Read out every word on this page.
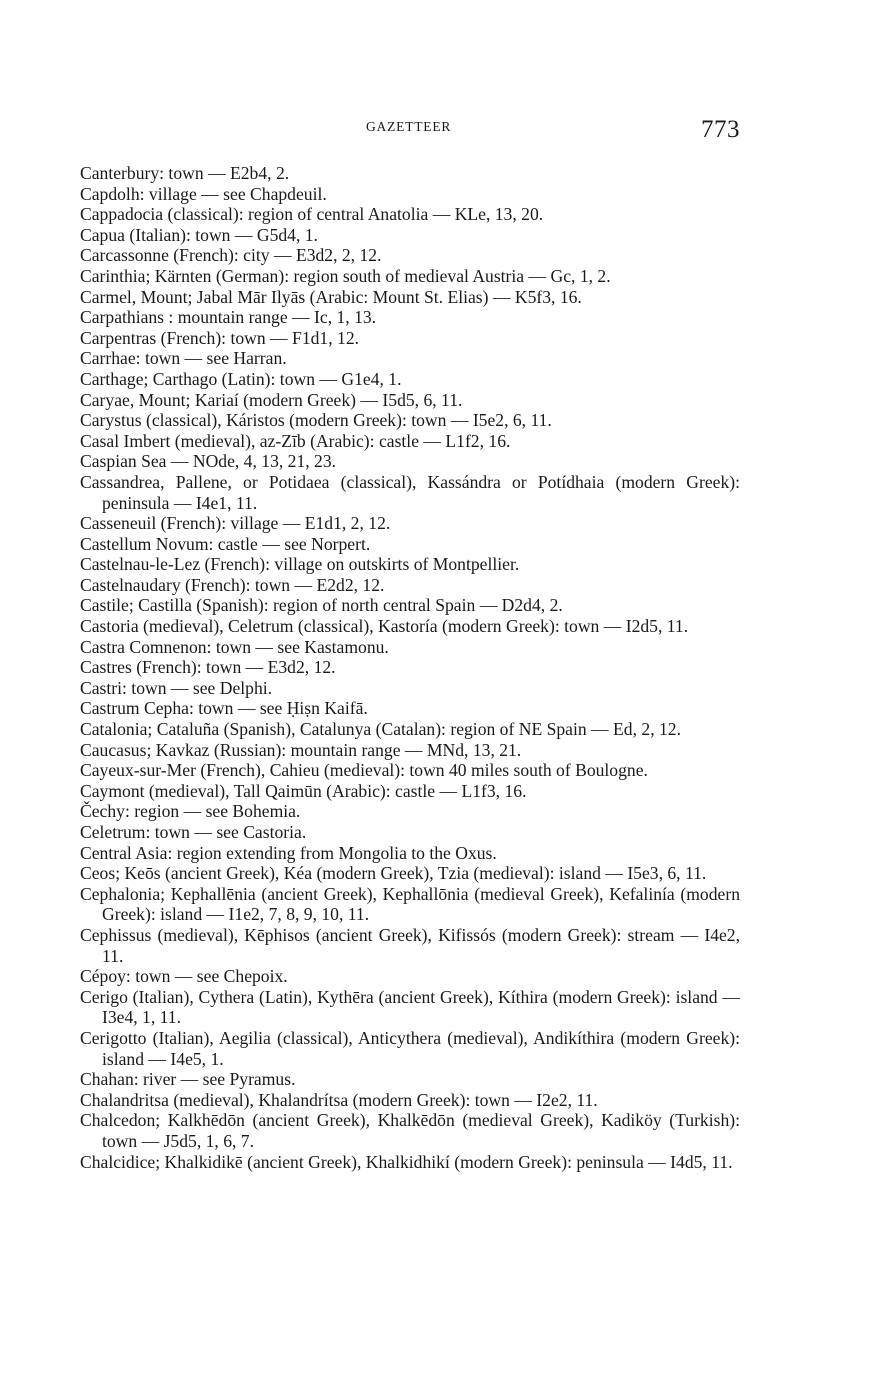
GAZETTEER	773
Canterbury: town — E2b4, 2.
Capdolh: village — see Chapdeuil.
Cappadocia (classical): region of central Anatolia — KLe, 13, 20.
Capua (Italian): town — G5d4, 1.
Carcassonne (French): city — E3d2, 2, 12.
Carinthia; Kärnten (German): region south of medieval Austria — Gc, 1, 2.
Carmel, Mount; Jabal Mār Ilyās (Arabic: Mount St. Elias) — K5f3, 16.
Carpathians : mountain range — Ic, 1, 13.
Carpentras (French): town — F1d1, 12.
Carrhae: town — see Harran.
Carthage; Carthago (Latin): town — G1e4, 1.
Caryae, Mount; Kariaí (modern Greek) — I5d5, 6, 11.
Carystus (classical), Káristos (modern Greek): town — I5e2, 6, 11.
Casal Imbert (medieval), az-Zīb (Arabic): castle — L1f2, 16.
Caspian Sea — NOde, 4, 13, 21, 23.
Cassandrea, Pallene, or Potidaea (classical), Kassándra or Potídhaia (modern Greek): peninsula — I4e1, 11.
Casseneuil (French): village — E1d1, 2, 12.
Castellum Novum: castle — see Norpert.
Castelnau-le-Lez (French): village on outskirts of Montpellier.
Castelnaudary (French): town — E2d2, 12.
Castile; Castilla (Spanish): region of north central Spain — D2d4, 2.
Castoria (medieval), Celetrum (classical), Kastoría (modern Greek): town — I2d5, 11.
Castra Comnenon: town — see Kastamonu.
Castres (French): town — E3d2, 12.
Castri: town — see Delphi.
Castrum Cepha: town — see Ḥiṣn Kaifā.
Catalonia; Cataluña (Spanish), Catalunya (Catalan): region of NE Spain — Ed, 2, 12.
Caucasus; Kavkaz (Russian): mountain range — MNd, 13, 21.
Cayeux-sur-Mer (French), Cahieu (medieval): town 40 miles south of Boulogne.
Caymont (medieval), Tall Qaimūn (Arabic): castle — L1f3, 16.
Čechy: region — see Bohemia.
Celetrum: town — see Castoria.
Central Asia: region extending from Mongolia to the Oxus.
Ceos; Keōs (ancient Greek), Kéa (modern Greek), Tzia (medieval): island — I5e3, 6, 11.
Cephalonia; Kephallēnia (ancient Greek), Kephallōnia (medieval Greek), Kefalinía (modern Greek): island — I1e2, 7, 8, 9, 10, 11.
Cephissus (medieval), Kēphisos (ancient Greek), Kifissós (modern Greek): stream — I4e2, 11.
Cépoy: town — see Chepoix.
Cerigo (Italian), Cythera (Latin), Kythēra (ancient Greek), Kíthira (modern Greek): island — I3e4, 1, 11.
Cerigotto (Italian), Aegilia (classical), Anticythera (medieval), Andikíthira (modern Greek): island — I4e5, 1.
Chahan: river — see Pyramus.
Chalandritsa (medieval), Khalandrítsa (modern Greek): town — I2e2, 11.
Chalcedon; Kalkhēdōn (ancient Greek), Khalkēdōn (medieval Greek), Kadiköy (Turkish): town — J5d5, 1, 6, 7.
Chalcidice; Khalkidikē (ancient Greek), Khalkidhikí (modern Greek): peninsula — I4d5, 11.
